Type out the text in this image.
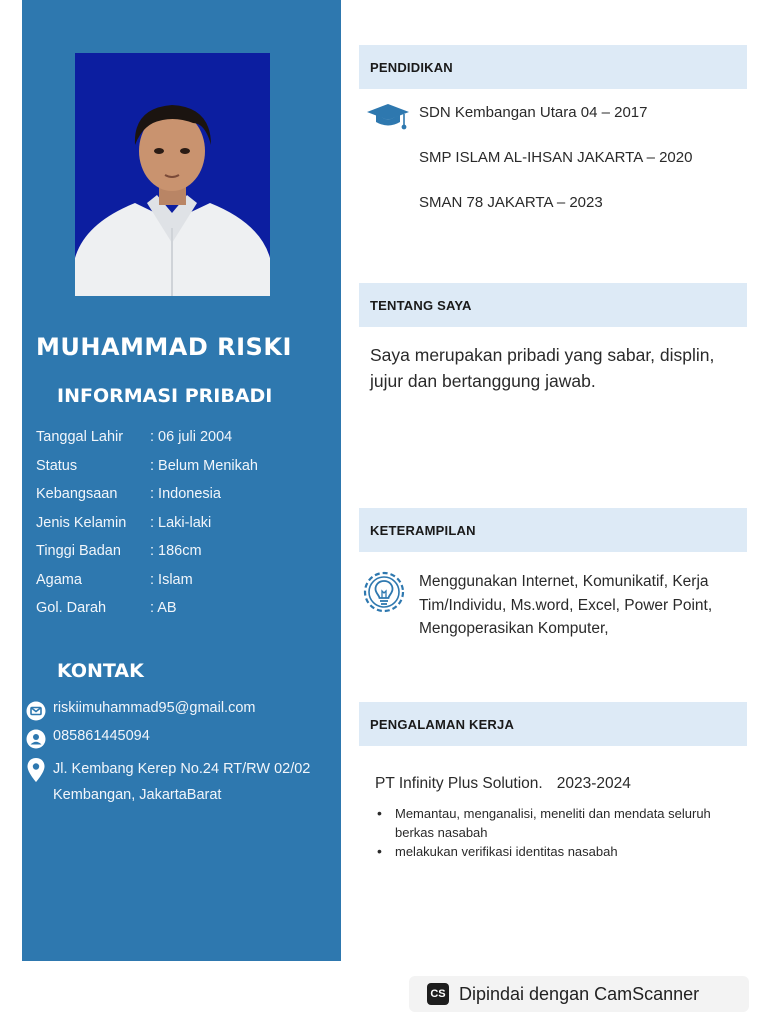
MUHAMMAD RISKI
INFORMASI PRIBADI
Tanggal Lahir	: 06 juli 2004
Status	: Belum Menikah
Kebangsaan	: Indonesia
Jenis Kelamin	: Laki-laki
Tinggi Badan	: 186cm
Agama	: Islam
Gol. Darah	: AB
KONTAK
riskiimuhammad95@gmail.com
085861445094
Jl. Kembang Kerep No.24 RT/RW 02/02
Kembangan, JakartaBarat
PENDIDIKAN
SDN Kembangan Utara 04 – 2017
SMP ISLAM AL-IHSAN JAKARTA – 2020
SMAN 78 JAKARTA – 2023
TENTANG SAYA
Saya merupakan pribadi yang sabar, displin, jujur dan bertanggung jawab.
KETERAMPILAN
Menggunakan Internet, Komunikatif, Kerja Tim/Individu, Ms.word, Excel, Power Point, Mengoperasikan Komputer,
PENGALAMAN KERJA
PT Infinity Plus Solution. 2023-2024
• Memantau, menganalisi, meneliti dan mendata seluruh berkas nasabah
• melakukan verifikasi identitas nasabah
CS Dipindai dengan CamScanner
